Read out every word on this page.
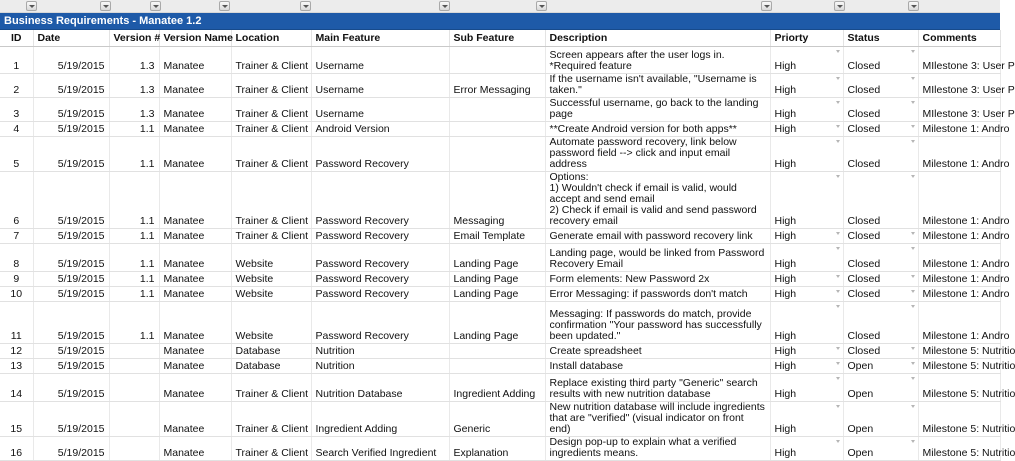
Business Requirements - Manatee 1.2
ID	Date	Version #	Version Name	Location	Main Feature	Sub Feature	Description	Priorty	Status	Comments
1	5/19/2015	1.3	Manatee	Trainer & Client	Username		Screen appears after the user logs in. *Required feature	High	Closed	MIlestone 3: User P
2	5/19/2015	1.3	Manatee	Trainer & Client	Username	Error Messaging	If the username isn't available, "Username is taken."	High	Closed	MIlestone 3: User P
3	5/19/2015	1.3	Manatee	Trainer & Client	Username		Successful username, go back to the landing page	High	Closed	MIlestone 3: User P
4	5/19/2015	1.1	Manatee	Trainer & Client	Android Version		**Create Android version for both apps**	High	Closed	Milestone 1: Andro
5	5/19/2015	1.1	Manatee	Trainer & Client	Password Recovery		Automate password recovery, link below password field --> click and input email address	High	Closed	Milestone 1: Andro
6	5/19/2015	1.1	Manatee	Trainer & Client	Password Recovery	Messaging	Options:
1) Wouldn't check if email is valid, would accept and send email
2) Check if email is valid and send password recovery email	High	Closed	Milestone 1: Andro
7	5/19/2015	1.1	Manatee	Trainer & Client	Password Recovery	Email Template	Generate email with password recovery link	High	Closed	Milestone 1: Andro
8	5/19/2015	1.1	Manatee	Website	Password Recovery	Landing Page	Landing page, would be linked from Password Recovery Email	High	Closed	Milestone 1: Andro
9	5/19/2015	1.1	Manatee	Website	Password Recovery	Landing Page	Form elements: New Password 2x	High	Closed	Milestone 1: Andro
10	5/19/2015	1.1	Manatee	Website	Password Recovery	Landing Page	Error Messaging: if passwords don't match	High	Closed	Milestone 1: Andro
11	5/19/2015	1.1	Manatee	Website	Password Recovery	Landing Page	Messaging: If passwords do match, provide confirmation "Your password has successfully been updated."	High	Closed	Milestone 1: Andro
12	5/19/2015		Manatee	Database	Nutrition		Create spreadsheet	High	Closed	Milestone 5: Nutritio
13	5/19/2015		Manatee	Database	Nutrition		Install database	High	Open	Milestone 5: Nutritio
14	5/19/2015		Manatee	Trainer & Client	Nutrition Database	Ingredient Adding	Replace existing third party "Generic" search results with new nutrition database	High	Open	Milestone 5: Nutritio
15	5/19/2015		Manatee	Trainer & Client	Ingredient Adding	Generic	New nutrition database will include ingredients that are "verified" (visual indicator on front end)	High	Open	Milestone 5: Nutritio
16	5/19/2015		Manatee	Trainer & Client	Search Verified Ingredient	Explanation	Design pop-up to explain what a verified ingredients means.	High	Open	Milestone 5: Nutritio
